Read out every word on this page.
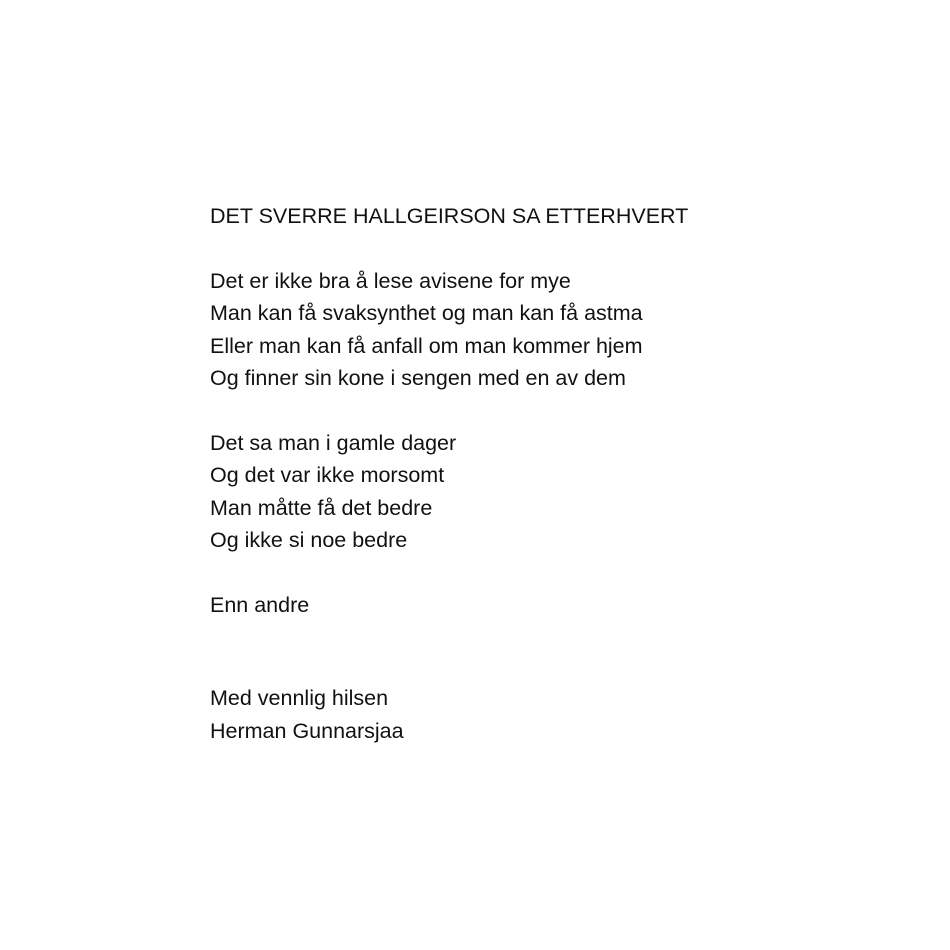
DET SVERRE HALLGEIRSON SA ETTERHVERT
Det er ikke bra å lese avisene for mye
Man kan få svaksynthet og man kan få astma
Eller man kan få anfall om man kommer hjem
Og finner sin kone i sengen med en av dem
Det sa man i gamle dager
Og det var ikke morsomt
Man måtte få det bedre
Og ikke si noe bedre
Enn andre
Med vennlig hilsen
Herman Gunnarsjaa
